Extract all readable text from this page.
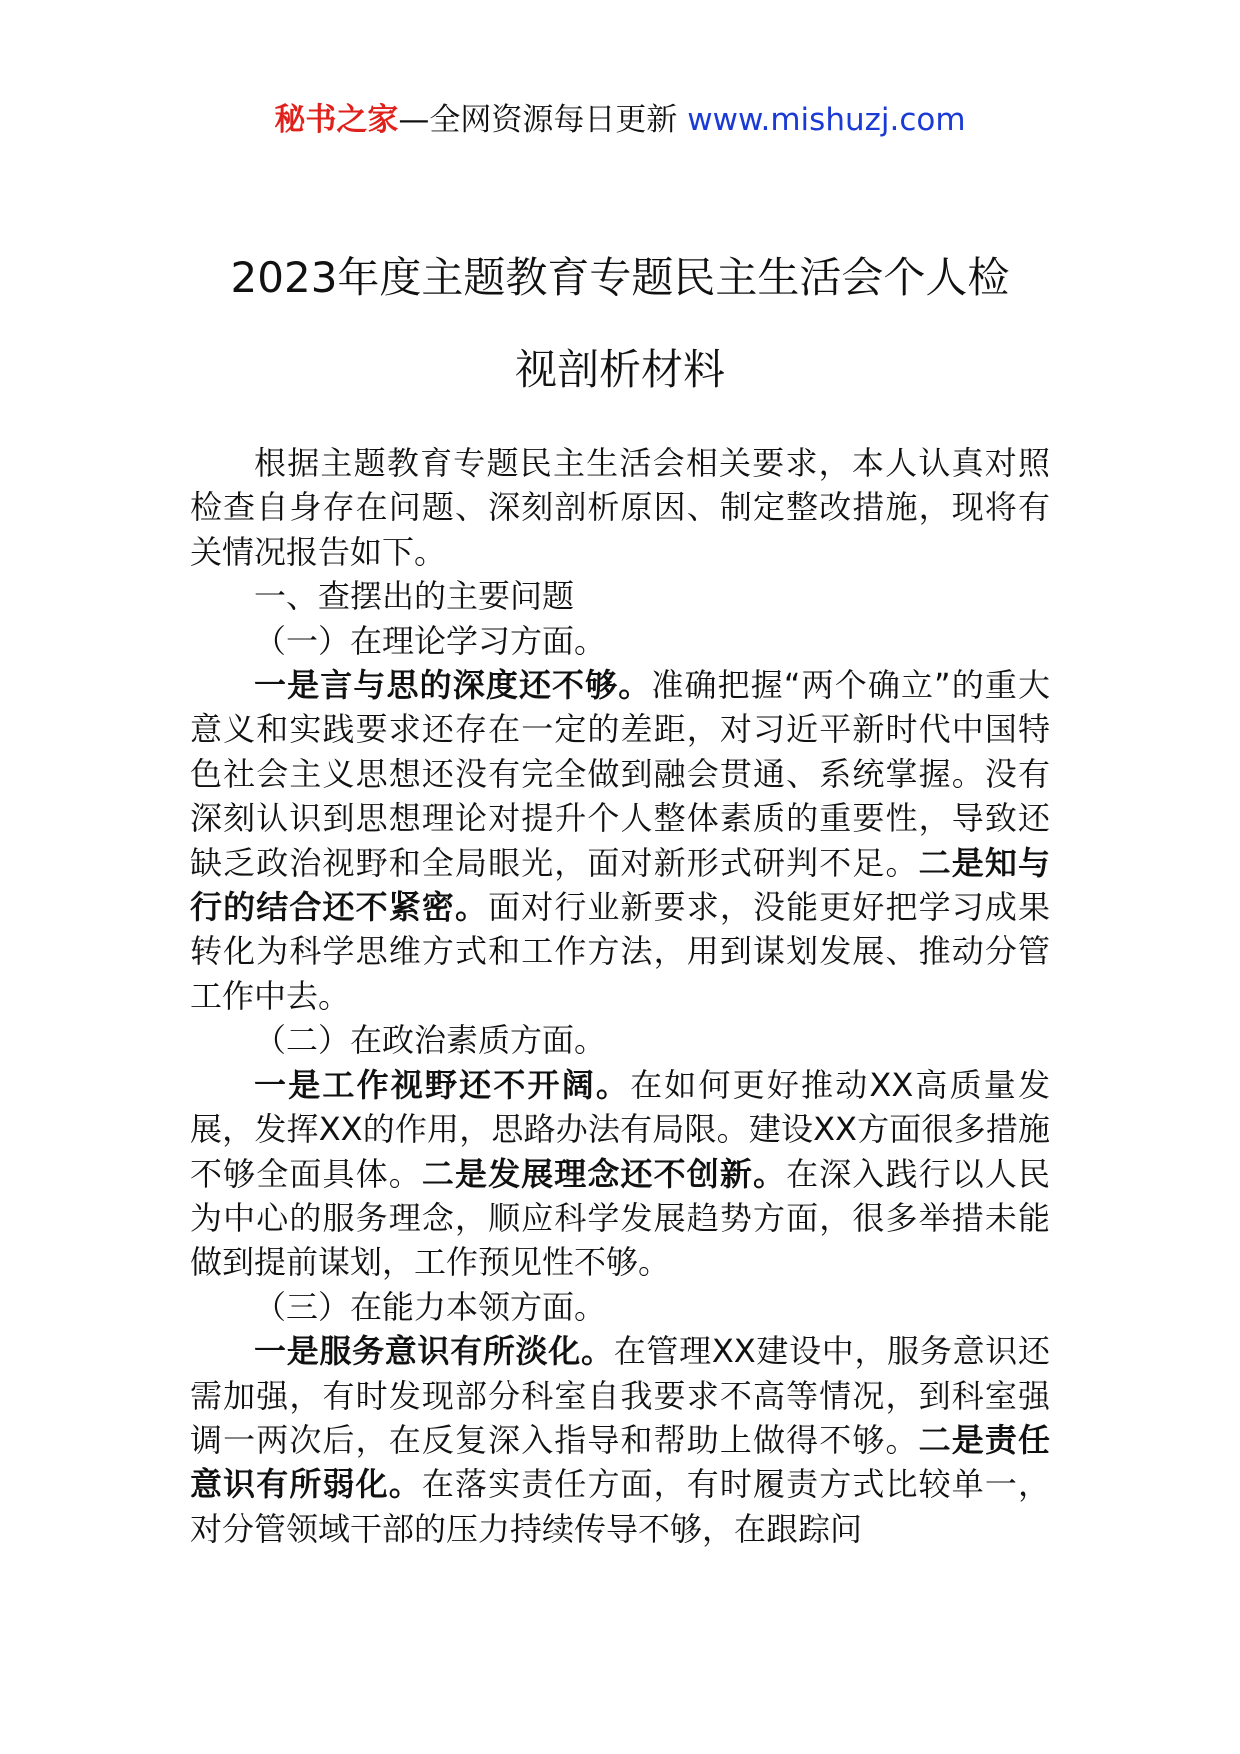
秘书之家—全网资源每日更新 www.mishuzj.com
2023年度主题教育专题民主生活会个人检
视剖析材料

根据主题教育专题民主生活会相关要求，本人认真对照检查自身存在问题、深刻剖析原因、制定整改措施，现将有关情况报告如下。

一、查摆出的主要问题

（一）在理论学习方面。

一是言与思的深度还不够。准确把握“两个确立”的重大意义和实践要求还存在一定的差距，对习近平新时代中国特色社会主义思想还没有完全做到融会贯通、系统掌握。没有深刻认识到思想理论对提升个人整体素质的重要性，导致还缺乏政治视野和全局眼光，面对新形式研判不足。二是知与行的结合还不紧密。面对行业新要求，没能更好把学习成果转化为科学思维方式和工作方法，用到谋划发展、推动分管工作中去。

（二）在政治素质方面。

一是工作视野还不开阔。在如何更好推动XX高质量发展，发挥XX的作用，思路办法有局限。建设XX方面很多措施不够全面具体。二是发展理念还不创新。在深入践行以人民为中心的服务理念，顺应科学发展趋势方面，很多举措未能做到提前谋划，工作预见性不够。

（三）在能力本领方面。

一是服务意识有所淡化。在管理XX建设中，服务意识还需加强，有时发现部分科室自我要求不高等情况，到科室强调一两次后，在反复深入指导和帮助上做得不够。二是责任意识有所弱化。在落实责任方面，有时履责方式比较单一，对分管领域干部的压力持续传导不够，在跟踪问
